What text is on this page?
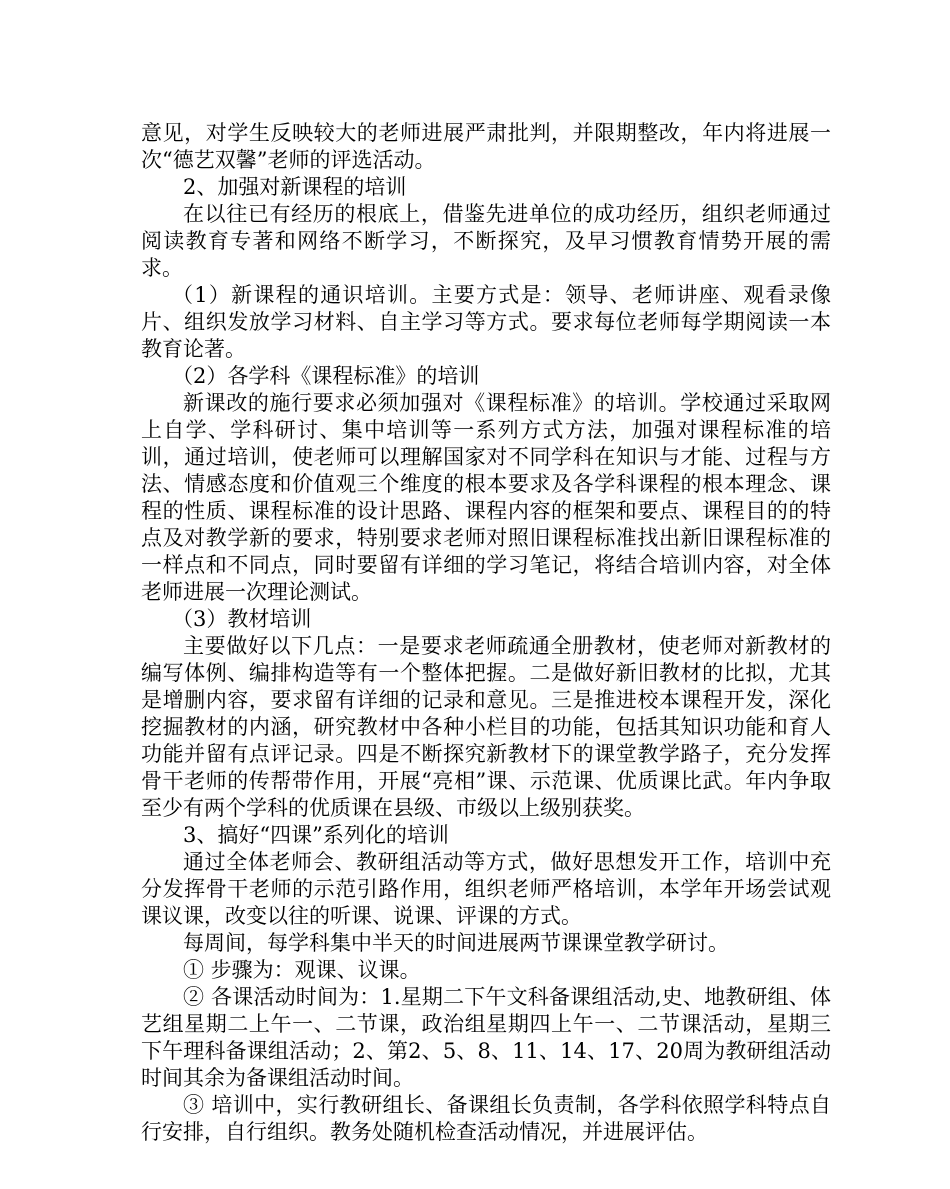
意见，对学生反映较大的老师进展严肃批判，并限期整改，年内将进展一次“德艺双馨”老师的评选活动。

2、加强对新课程的培训

在以往已有经历的根底上，借鉴先进单位的成功经历，组织老师通过阅读教育专著和网络不断学习，不断探究，及早习惯教育情势开展的需求。

（1）新课程的通识培训。主要方式是：领导、老师讲座、观看录像片、组织发放学习材料、自主学习等方式。要求每位老师每学期阅读一本教育论著。

（2）各学科《课程标准》的培训

新课改的施行要求必须加强对《课程标准》的培训。学校通过采取网上自学、学科研讨、集中培训等一系列方式方法，加强对课程标准的培训，通过培训，使老师可以理解国家对不同学科在知识与才能、过程与方法、情感态度和价值观三个维度的根本要求及各学科课程的根本理念、课程的性质、课程标准的设计思路、课程内容的框架和要点、课程目的的特点及对教学新的要求，特别要求老师对照旧课程标准找出新旧课程标准的一样点和不同点，同时要留有详细的学习笔记，将结合培训内容，对全体老师进展一次理论测试。

（3）教材培训

主要做好以下几点：一是要求老师疏通全册教材，使老师对新教材的编写体例、编排构造等有一个整体把握。二是做好新旧教材的比拟，尤其是增删内容，要求留有详细的记录和意见。三是推进校本课程开发，深化挖掘教材的内涵，研究教材中各种小栏目的功能，包括其知识功能和育人功能并留有点评记录。四是不断探究新教材下的课堂教学路子，充分发挥骨干老师的传帮带作用，开展“亮相”课、示范课、优质课比武。年内争取至少有两个学科的优质课在县级、市级以上级别获奖。

3、搞好“四课”系列化的培训

通过全体老师会、教研组活动等方式，做好思想发开工作，培训中充分发挥骨干老师的示范引路作用，组织老师严格培训，本学年开场尝试观课议课，改变以往的听课、说课、评课的方式。

每周间，每学科集中半天的时间进展两节课课堂教学研讨。

① 步骤为：观课、议课。

② 各课活动时间为：1.星期二下午文科备课组活动,史、地教研组、体艺组星期二上午一、二节课，政治组星期四上午一、二节课活动，星期三下午理科备课组活动；2、第2、5、8、11、14、17、20周为教研组活动时间其余为备课组活动时间。

③ 培训中，实行教研组长、备课组长负责制，各学科依照学科特点自行安排，自行组织。教务处随机检查活动情况，并进展评估。
